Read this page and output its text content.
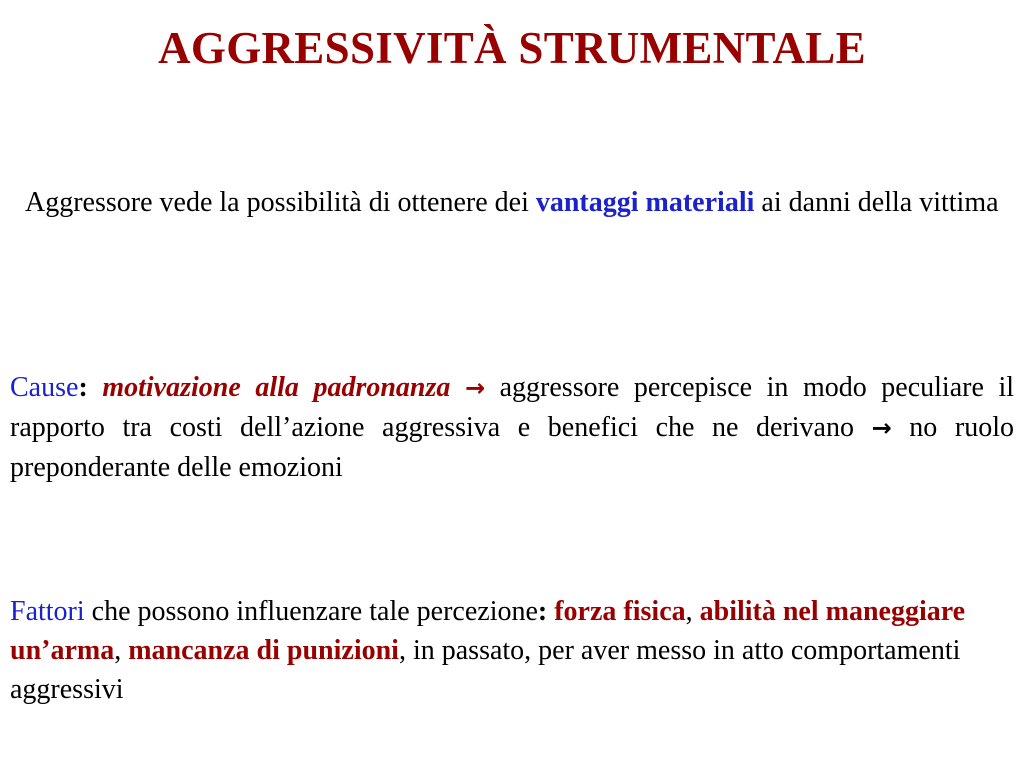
AGGRESSIVITÀ STRUMENTALE
Aggressore vede la possibilità di ottenere dei vantaggi materiali ai danni della vittima
Cause: motivazione alla padronanza → aggressore percepisce in modo peculiare il rapporto tra costi dell’azione aggressiva e benefici che ne derivano → no ruolo preponderante delle emozioni
Fattori che possono influenzare tale percezione: forza fisica, abilità nel maneggiare un’arma, mancanza di punizioni, in passato, per aver messo in atto comportamenti aggressivi
